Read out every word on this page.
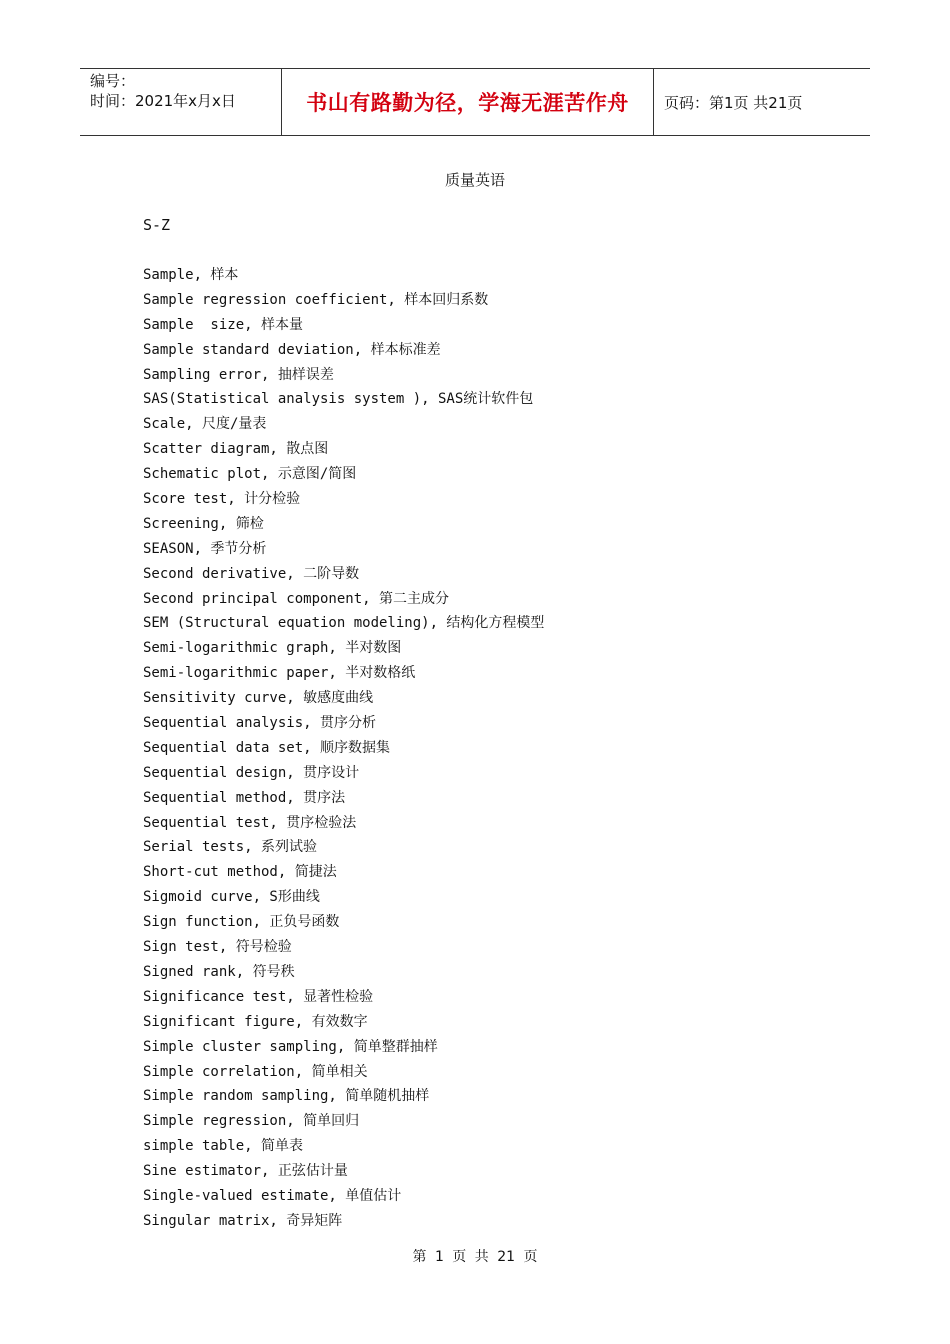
编号：
时间：2021年x月x日	书山有路勤为径，学海无涯苦作舟	页码：第1页 共21页
质量英语
S-Z
Sample, 样本
Sample regression coefficient, 样本回归系数
Sample  size, 样本量
Sample standard deviation, 样本标准差
Sampling error, 抽样误差
SAS(Statistical analysis system ), SAS统计软件包
Scale, 尺度/量表
Scatter diagram, 散点图
Schematic plot, 示意图/简图
Score test, 计分检验
Screening, 筛检
SEASON, 季节分析
Second derivative, 二阶导数
Second principal component, 第二主成分
SEM (Structural equation modeling), 结构化方程模型
Semi-logarithmic graph, 半对数图
Semi-logarithmic paper, 半对数格纸
Sensitivity curve, 敏感度曲线
Sequential analysis, 贯序分析
Sequential data set, 顺序数据集
Sequential design, 贯序设计
Sequential method, 贯序法
Sequential test, 贯序检验法
Serial tests, 系列试验
Short-cut method, 简捷法
Sigmoid curve, S形曲线
Sign function, 正负号函数
Sign test, 符号检验
Signed rank, 符号秩
Significance test, 显著性检验
Significant figure, 有效数字
Simple cluster sampling, 简单整群抽样
Simple correlation, 简单相关
Simple random sampling, 简单随机抽样
Simple regression, 简单回归
simple table, 简单表
Sine estimator, 正弦估计量
Single-valued estimate, 单值估计
Singular matrix, 奇异矩阵
第 1 页 共 21 页
